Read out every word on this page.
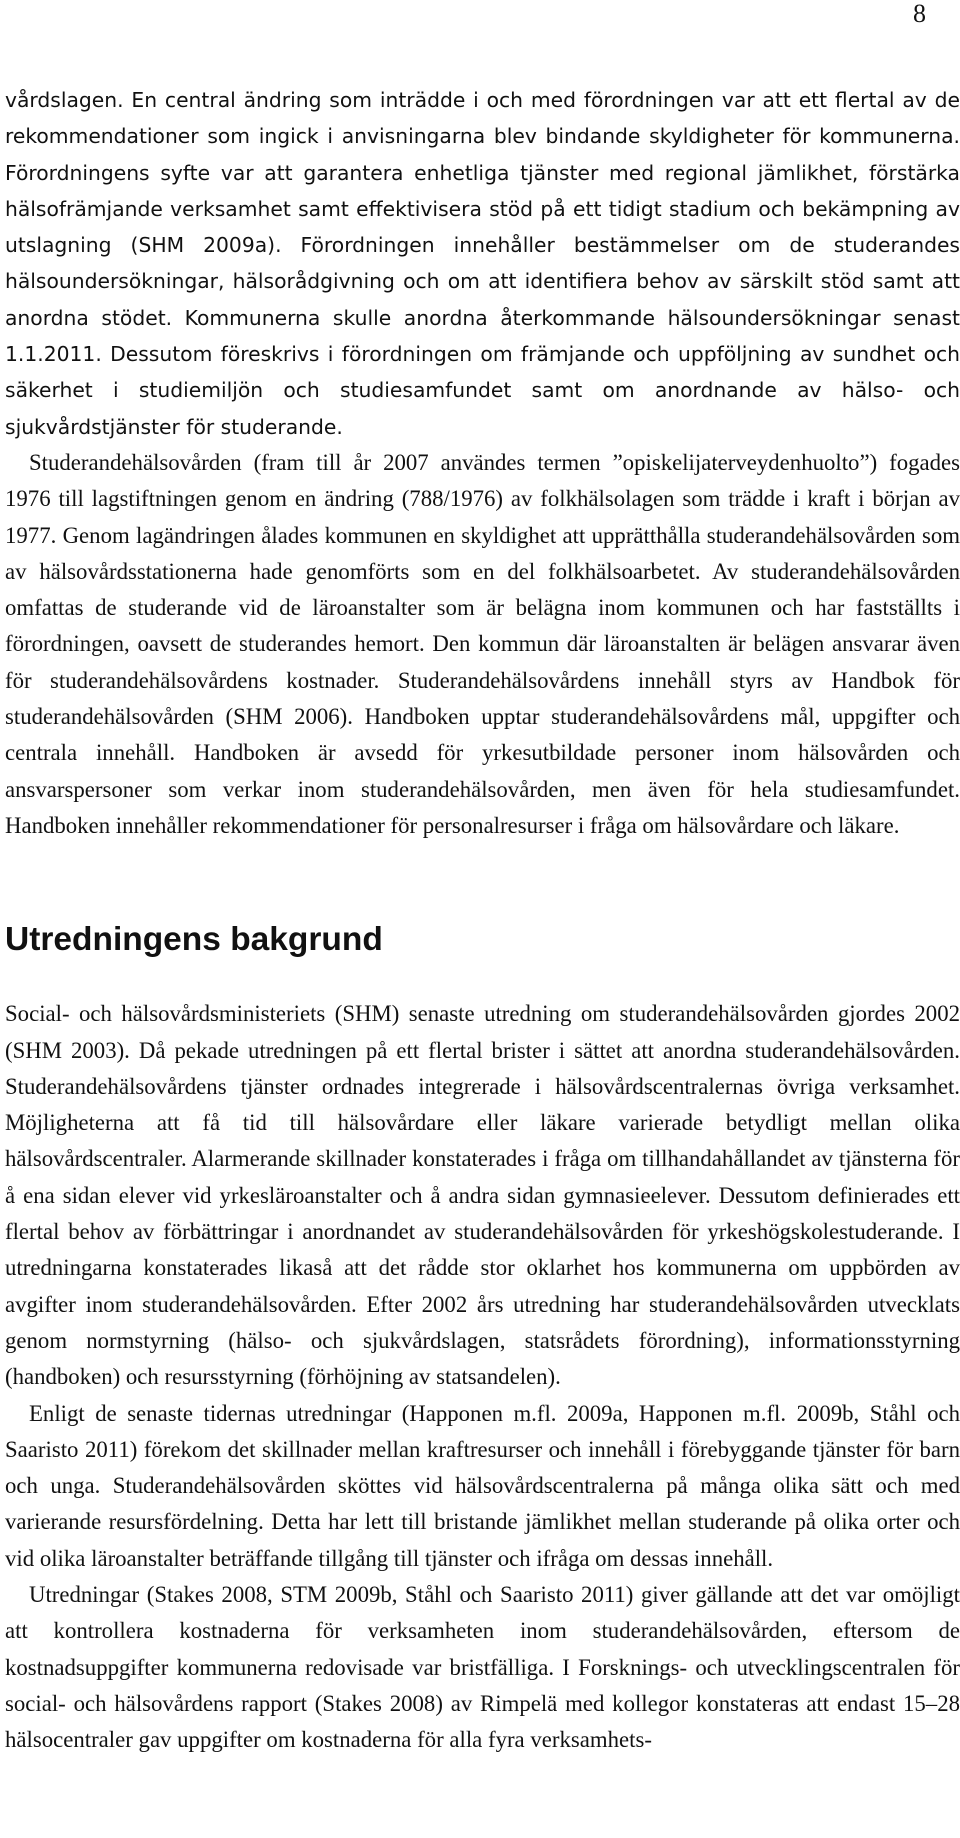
8

vårdslagen. En central ändring som inträdde i och med förordningen var att ett flertal av de rekommendationer som ingick i anvisningarna blev bindande skyldigheter för kommunerna. Förordningens syfte var att garantera enhetliga tjänster med regional jämlikhet, förstärka hälsofrämjande verksamhet samt effektivisera stöd på ett tidigt stadium och bekämpning av utslagning (SHM 2009a). Förordningen innehåller bestämmelser om de studerandes hälsoundersökningar, hälsorådgivning och om att identifiera behov av särskilt stöd samt att anordna stödet. Kommunerna skulle anordna återkommande hälsoundersökningar senast 1.1.2011. Dessutom föreskrivs i förordningen om främjande och uppföljning av sundhet och säkerhet i studiemiljön och studiesamfundet samt om anordnande av hälso- och sjukvårdstjänster för studerande.

Studerandehälsovården (fram till år 2007 användes termen ”opiskelijaterveydenhuolto”) fogades 1976 till lagstiftningen genom en ändring (788/1976) av folkhälsolagen som trädde i kraft i början av 1977. Genom lagändringen ålades kommunen en skyldighet att upprätthålla studerandehälsovården som av hälsovårdsstationerna hade genomförts som en del folkhälsoarbetet. Av studerandehälsovården omfattas de studerande vid de läroanstalter som är belägna inom kommunen och har fastställts i förordningen, oavsett de studerandes hemort. Den kommun där läroanstalten är belägen ansvarar även för studerandehälsovårdens kostnader. Studerandehälsovårdens innehåll styrs av Handbok för studerandehälsovården (SHM 2006). Handboken upptar studerandehälsovårdens mål, uppgifter och centrala innehåll. Handboken är avsedd för yrkesutbildade personer inom hälsovården och ansvarspersoner som verkar inom studerandehälsovården, men även för hela studiesamfundet. Handboken innehåller rekommendationer för personalresurser i fråga om hälsovårdare och läkare.

Utredningens bakgrund

Social- och hälsovårdsministeriets (SHM) senaste utredning om studerandehälsovården gjordes 2002 (SHM 2003). Då pekade utredningen på ett flertal brister i sättet att anordna studerandehälsovården. Studerandehälsovårdens tjänster ordnades integrerade i hälsovårdscentralernas övriga verksamhet. Möjligheterna att få tid till hälsovårdare eller läkare varierade betydligt mellan olika hälsovårdscentraler. Alarmerande skillnader konstaterades i fråga om tillhandahållandet av tjänsterna för å ena sidan elever vid yrkesläroanstalter och å andra sidan gymnasieelever. Dessutom definierades ett flertal behov av förbättringar i anordnandet av studerandehälsovården för yrkeshögskolestuderande. I utredningarna konstaterades likaså att det rådde stor oklarhet hos kommunerna om uppbörden av avgifter inom studerandehälsovården. Efter 2002 års utredning har studerandehälsovården utvecklats genom normstyrning (hälso- och sjukvårdslagen, statsrådets förordning), informationsstyrning (handboken) och resursstyrning (förhöjning av statsandelen).

Enligt de senaste tidernas utredningar (Happonen m.fl. 2009a, Happonen m.fl. 2009b, Ståhl och Saaristo 2011) förekom det skillnader mellan kraftresurser och innehåll i förebyggande tjänster för barn och unga. Studerandehälsovården sköttes vid hälsovårdscentralerna på många olika sätt och med varierande resursfördelning. Detta har lett till bristande jämlikhet mellan studerande på olika orter och vid olika läroanstalter beträffande tillgång till tjänster och ifråga om dessas innehåll.

Utredningar (Stakes 2008, STM 2009b, Ståhl och Saaristo 2011) giver gällande att det var omöjligt att kontrollera kostnaderna för verksamheten inom studerandehälsovården, eftersom de kostnadsuppgifter kommunerna redovisade var bristfälliga. I Forsknings- och utvecklingscentralen för social- och hälsovårdens rapport (Stakes 2008) av Rimpelä med kollegor konstateras att endast 15–28 hälsocentraler gav uppgifter om kostnaderna för alla fyra verksamhets-
